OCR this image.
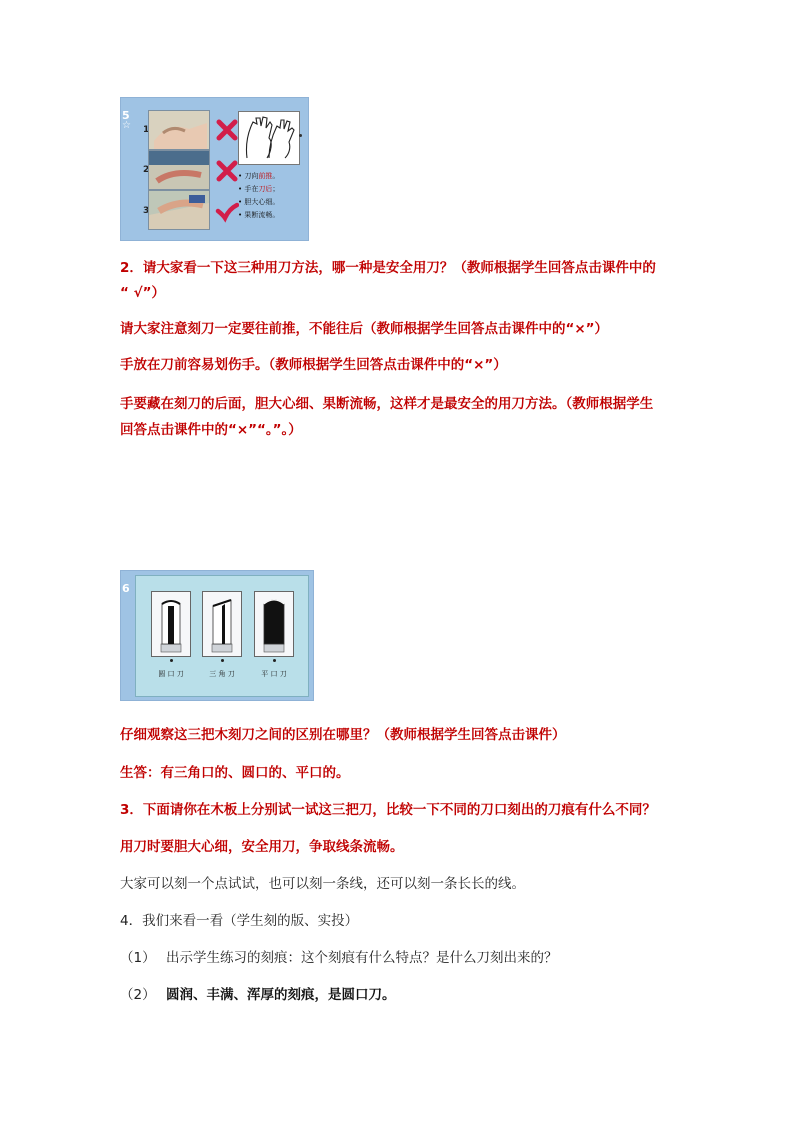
5
☆ 1
2
3
• 刀向前推。
• 手在刀后；
• 胆大心细。
• 果断流畅。
2．请大家看一下这三种用刀方法，哪一种是安全用刀？（教师根据学生回答点击课件中的
“ √”）
请大家注意刻刀一定要往前推，不能往后（教师根据学生回答点击课件中的“×”）
手放在刀前容易划伤手。（教师根据学生回答点击课件中的“×”）
手要藏在刻刀的后面，胆大心细、果断流畅，这样才是最安全的用刀方法。（教师根据学生
回答点击课件中的“×”“。”。）
6
圆 口 刀	三 角 刀	平 口 刀
仔细观察这三把木刻刀之间的区别在哪里？（教师根据学生回答点击课件）
生答：有三角口的、圆口的、平口的。
3．下面请你在木板上分别试一试这三把刀，比较一下不同的刀口刻出的刀痕有什么不同？
用刀时要胆大心细，安全用刀，争取线条流畅。
大家可以刻一个点试试，也可以刻一条线，还可以刻一条长长的线。
4．我们来看一看（学生刻的版、实投）
（1） 出示学生练习的刻痕：这个刻痕有什么特点？是什么刀刻出来的？
（2） 圆润、丰满、浑厚的刻痕，是圆口刀。
